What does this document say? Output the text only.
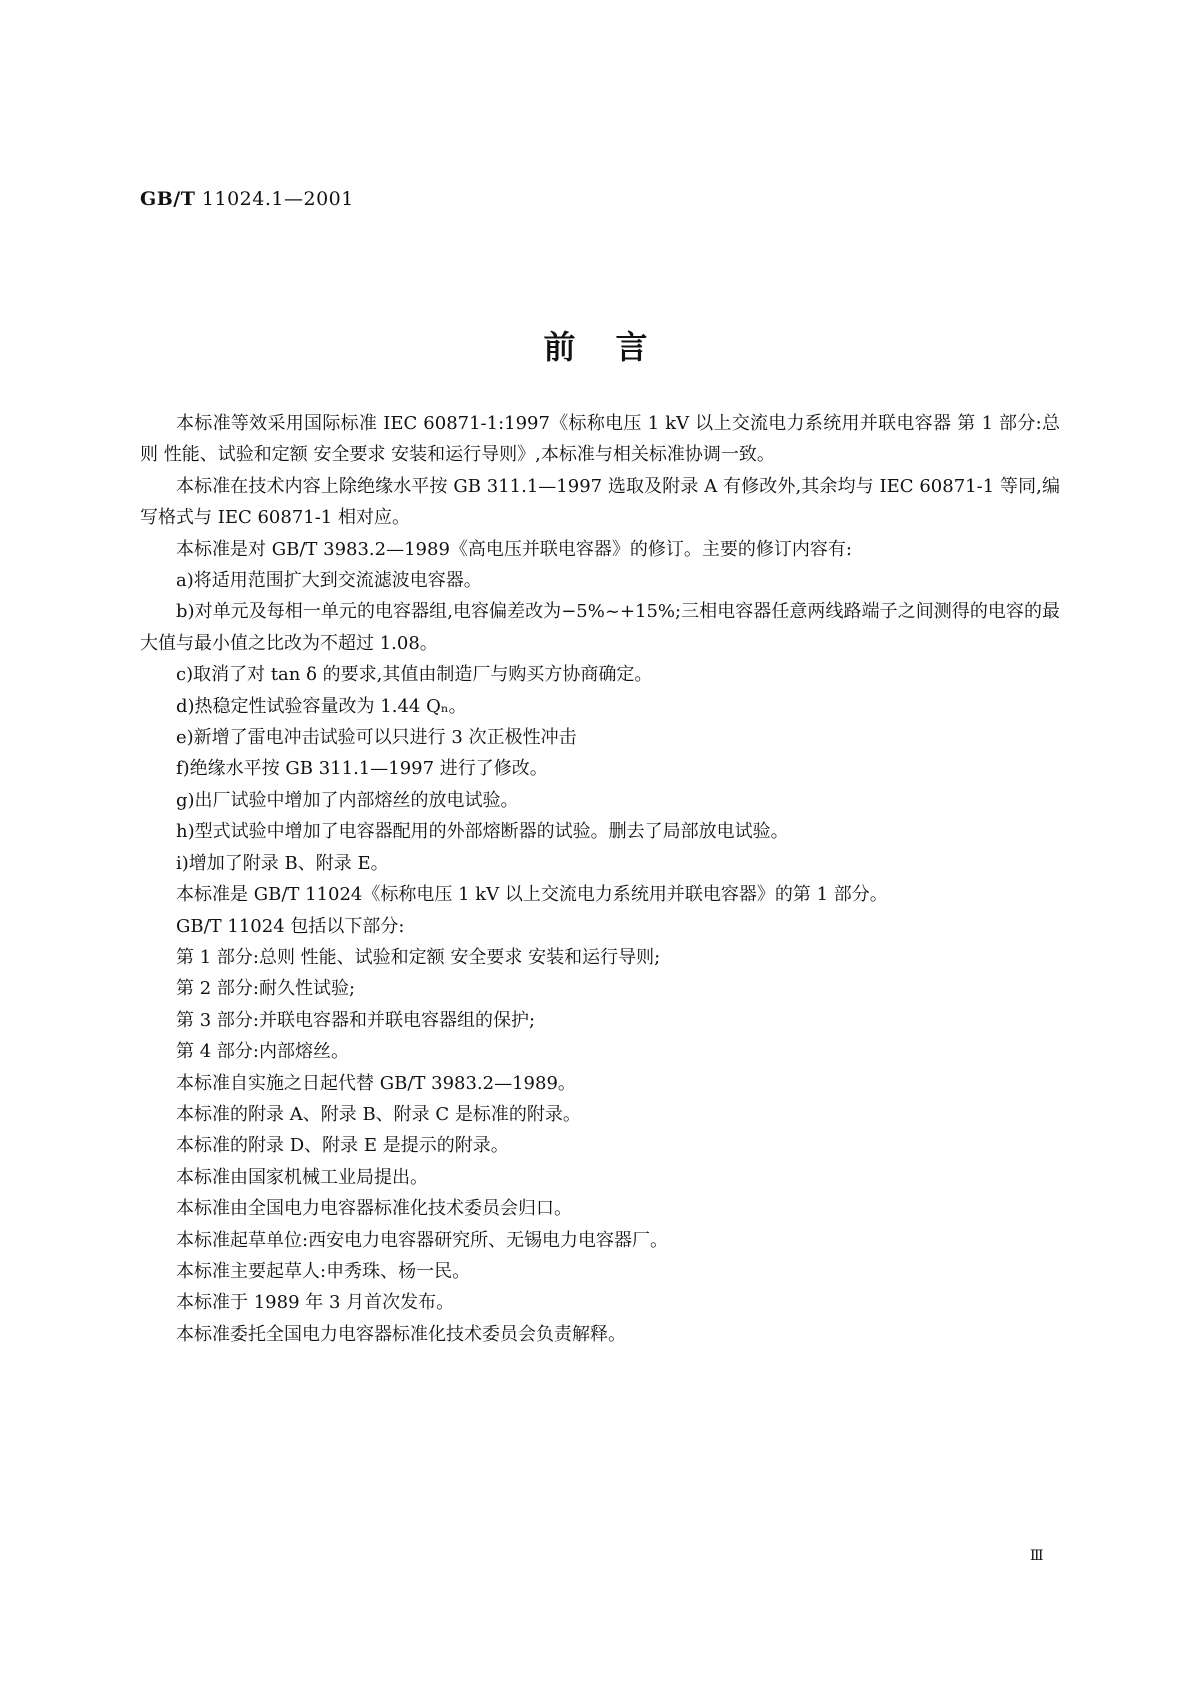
GB/T 11024.1—2001
前言

本标准等效采用国际标准 IEC 60871-1:1997《标称电压 1 kV 以上交流电力系统用并联电容器 第 1 部分:总则 性能、试验和定额 安全要求 安装和运行导则》,本标准与相关标准协调一致。

本标准在技术内容上除绝缘水平按 GB 311.1—1997 选取及附录 A 有修改外,其余均与 IEC 60871-1 等同,编写格式与 IEC 60871-1 相对应。

本标准是对 GB/T 3983.2—1989《高电压并联电容器》的修订。主要的修订内容有:

a)将适用范围扩大到交流滤波电容器。

b)对单元及每相一单元的电容器组,电容偏差改为−5%~+15%;三相电容器任意两线路端子之间测得的电容的最大值与最小值之比改为不超过 1.08。

c)取消了对 tan δ 的要求,其值由制造厂与购买方协商确定。

d)热稳定性试验容量改为 1.44 Qₙ。

e)新增了雷电冲击试验可以只进行 3 次正极性冲击

f)绝缘水平按 GB 311.1—1997 进行了修改。

g)出厂试验中增加了内部熔丝的放电试验。

h)型式试验中增加了电容器配用的外部熔断器的试验。删去了局部放电试验。

i)增加了附录 B、附录 E。

本标准是 GB/T 11024《标称电压 1 kV 以上交流电力系统用并联电容器》的第 1 部分。

GB/T 11024 包括以下部分:

第 1 部分:总则 性能、试验和定额 安全要求 安装和运行导则;

第 2 部分:耐久性试验;

第 3 部分:并联电容器和并联电容器组的保护;

第 4 部分:内部熔丝。

本标准自实施之日起代替 GB/T 3983.2—1989。

本标准的附录 A、附录 B、附录 C 是标准的附录。

本标准的附录 D、附录 E 是提示的附录。

本标准由国家机械工业局提出。

本标准由全国电力电容器标准化技术委员会归口。

本标准起草单位:西安电力电容器研究所、无锡电力电容器厂。

本标准主要起草人:申秀珠、杨一民。

本标准于 1989 年 3 月首次发布。

本标准委托全国电力电容器标准化技术委员会负责解释。

Ⅲ
